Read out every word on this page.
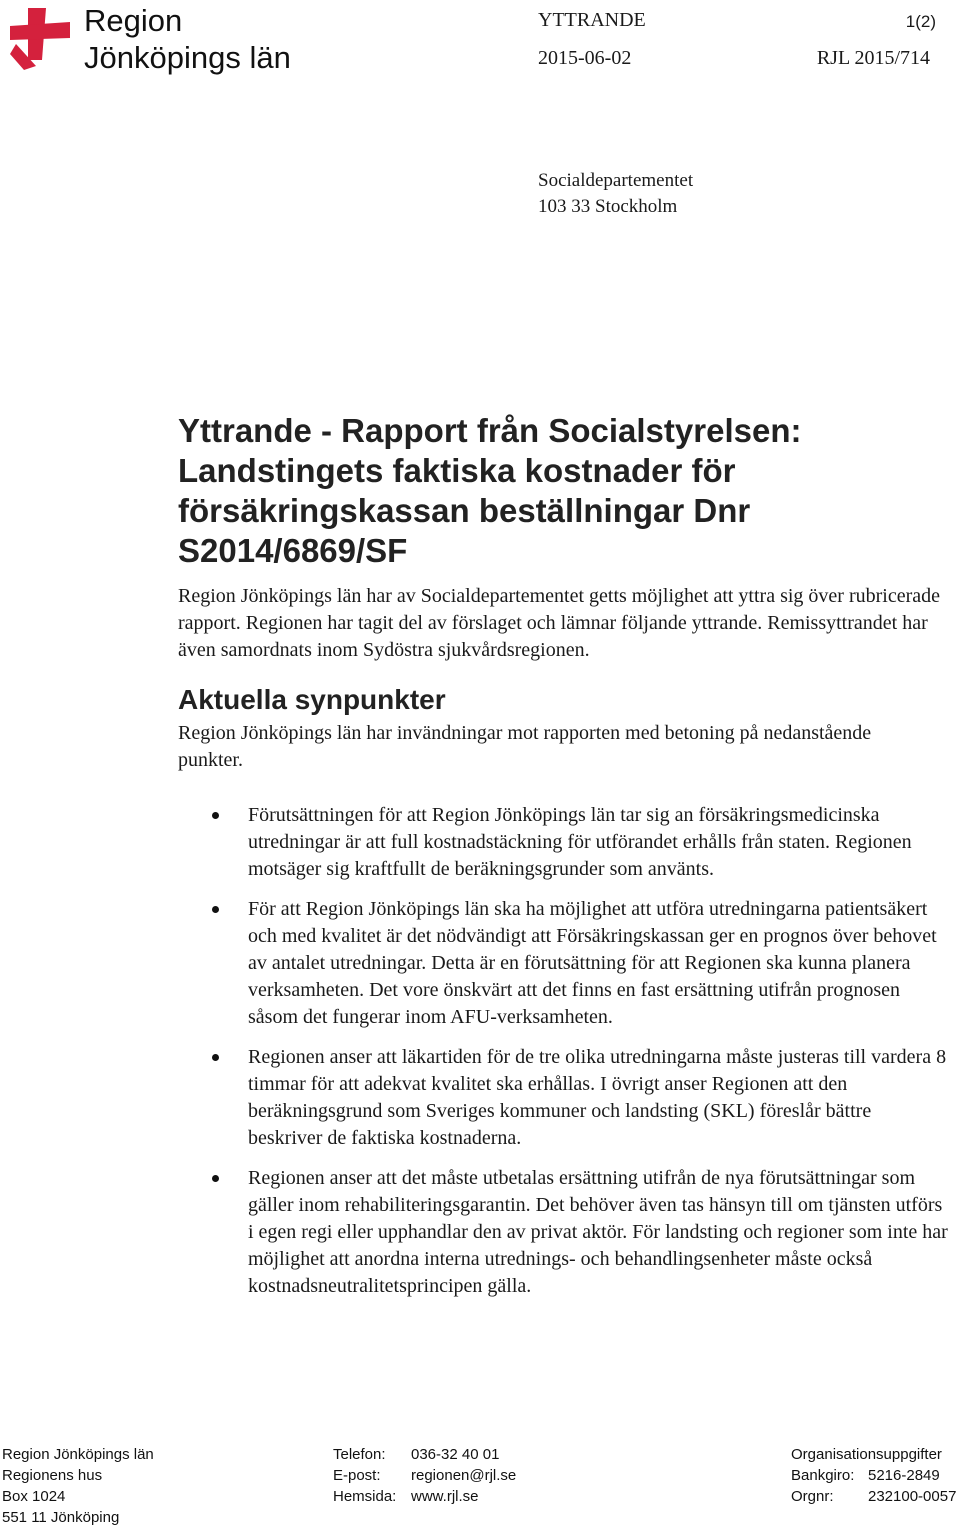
Region
Jönköpings län
YTTRANDE	1(2)
2015-06-02	RJL 2015/714
Socialdepartementet
103 33 Stockholm
Yttrande - Rapport från Socialstyrelsen: Landstingets faktiska kostnader för försäkringskassan beställningar Dnr S2014/6869/SF
Region Jönköpings län har av Socialdepartementet getts möjlighet att yttra sig över rubricerade rapport. Regionen har tagit del av förslaget och lämnar följande yttrande. Remissyttrandet har även samordnats inom Sydöstra sjukvårdsregionen.
Aktuella synpunkter
Region Jönköpings län har invändningar mot rapporten med betoning på nedanstående punkter.
Förutsättningen för att Region Jönköpings län tar sig an försäkringsmedicinska utredningar är att full kostnadstäckning för utförandet erhålls från staten. Regionen motsäger sig kraftfullt de beräkningsgrunder som använts.
För att Region Jönköpings län ska ha möjlighet att utföra utredningarna patientsäkert och med kvalitet är det nödvändigt att Försäkringskassan ger en prognos över behovet av antalet utredningar. Detta är en förutsättning för att Regionen ska kunna planera verksamheten. Det vore önskvärt att det finns en fast ersättning utifrån prognosen såsom det fungerar inom AFU-verksamheten.
Regionen anser att läkartiden för de tre olika utredningarna måste justeras till vardera 8 timmar för att adekvat kvalitet ska erhållas. I övrigt anser Regionen att den beräkningsgrund som Sveriges kommuner och landsting (SKL) föreslår bättre beskriver de faktiska kostnaderna.
Regionen anser att det måste utbetalas ersättning utifrån de nya förutsättningar som gäller inom rehabiliteringsgarantin. Det behöver även tas hänsyn till om tjänsten utförs i egen regi eller upphandlar den av privat aktör. För landsting och regioner som inte har möjlighet att anordna interna utrednings- och behandlingsenheter måste också kostnadsneutralitetsprincipen gälla.
Region Jönköpings län
Regionens hus
Box 1024
551 11 Jönköping
Telefon:	036-32 40 01
E-post:	regionen@rjl.se
Hemsida: www.rjl.se
Organisationsuppgifter
Bankgiro: 5216-2849
Orgnr:	232100-0057
